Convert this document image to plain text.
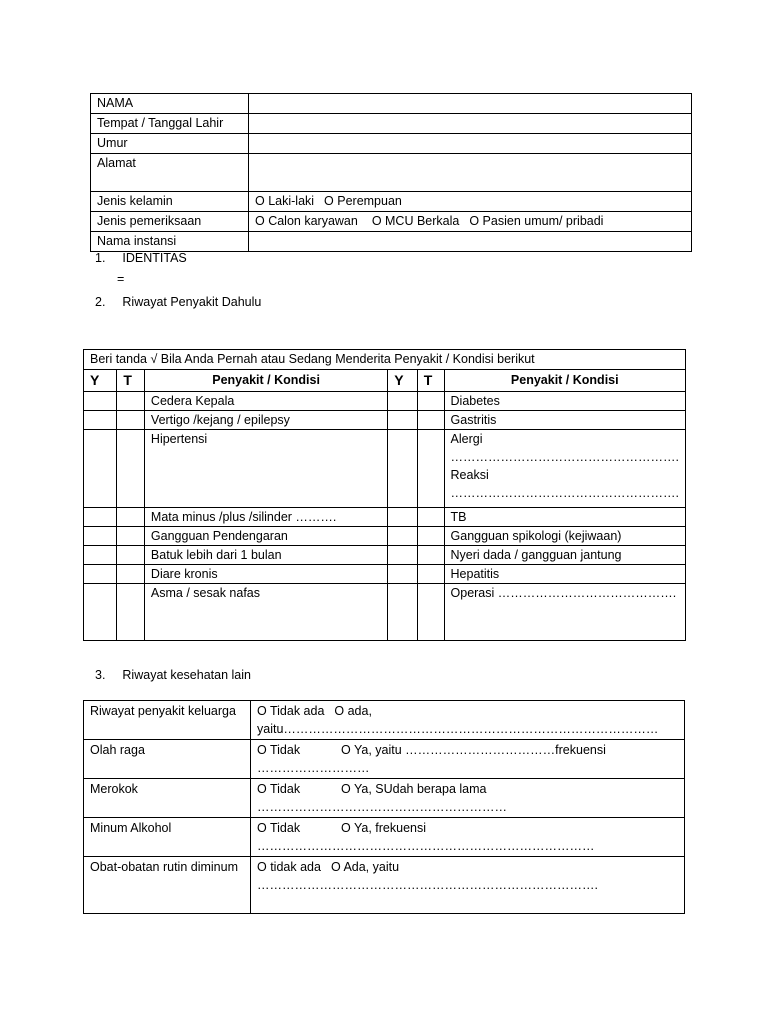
NAMA	
Tempat / Tanggal Lahir	
Umur	
Alamat	
Jenis kelamin	O Laki-laki O Perempuan
Jenis pemeriksaan	O Calon karyawan O MCU Berkala O Pasien umum/ pribadi
Nama instansi	
1. IDENTITAS
=
2. Riwayat Penyakit Dahulu
Beri tanda √ Bila Anda Pernah atau Sedang Menderita Penyakit / Kondisi berikut					
Y	T	Penyakit / Kondisi	Y	T	Penyakit / Kondisi
		Cedera Kepala			Diabetes
		Vertigo /kejang / epilepsy			Gastritis
		Hipertensi			Alergi
……………………………………………….
Reaksi
……………………………………………….

		Mata minus /plus /silinder ……….			TB
		Gangguan Pendengaran			Gangguan spikologi (kejiwaan)
		Batuk lebih dari 1 bulan			Nyeri dada / gangguan jantung
		Diare kronis			Hepatitis
		Asma / sesak nafas			Operasi …………………………………….
3. Riwayat kesehatan lain
Riwayat penyakit keluarga	O Tidak ada O ada,
yaitu………………………………………………………………………………

Olah raga	O Tidak O Ya, yaitu ………………………………frekuensi
………………………

Merokok	O Tidak O Ya, SUdah berapa lama
……………………………………………………

Minum Alkohol	O Tidak O Ya, frekuensi
………………………………………………………………………

Obat-obatan rutin diminum	O tidak ada O Ada, yaitu
……………………………………………………………………….
